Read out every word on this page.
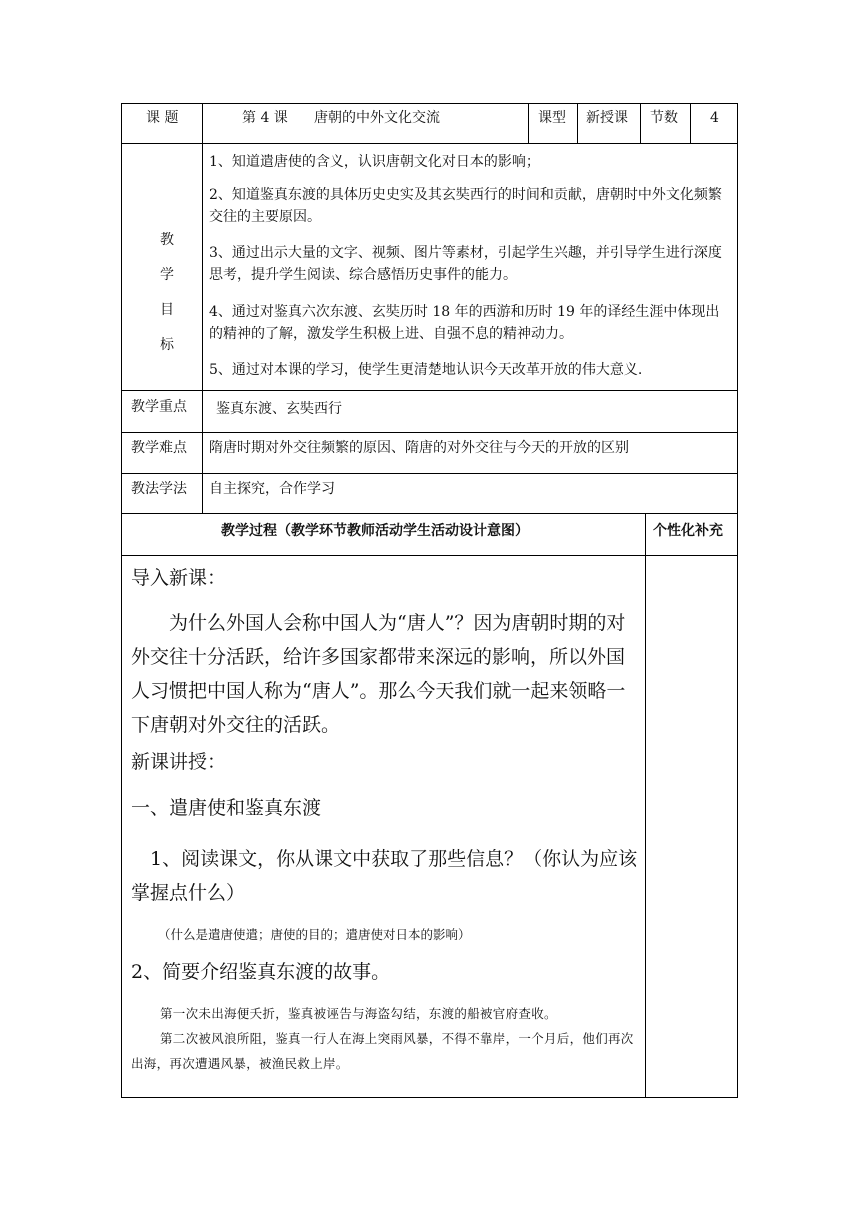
课 题	第 4 课 唐朝的中外文化交流	课型 新授课 节数 4
教
学
目
标
1、知道遣唐使的含义，认识唐朝文化对日本的影响；
2、知道鉴真东渡的具体历史史实及其玄奘西行的时间和贡献，唐朝时中外文化频繁交往的主要原因。
3、通过出示大量的文字、视频、图片等素材，引起学生兴趣，并引导学生进行深度思考，提升学生阅读、综合感悟历史事件的能力。
4、通过对鉴真六次东渡、玄奘历时 18 年的西游和历时 19 年的译经生涯中体现出的精神的了解，激发学生积极上进、自强不息的精神动力。
5、通过对本课的学习，使学生更清楚地认识今天改革开放的伟大意义.
教学重点 鉴真东渡、玄奘西行
教学难点 隋唐时期对外交往频繁的原因、隋唐的对外交往与今天的开放的区别
教法学法 自主探究，合作学习
教学过程（教学环节教师活动学生活动设计意图）	个性化补充
导入新课：
为什么外国人会称中国人为“唐人”？因为唐朝时期的对外交往十分活跃，给许多国家都带来深远的影响，所以外国人习惯把中国人称为“唐人”。那么今天我们就一起来领略一下唐朝对外交往的活跃。
新课讲授：
一、遣唐使和鉴真东渡
1、阅读课文，你从课文中获取了那些信息？（你认为应该掌握点什么）
（什么是遣唐使遣；唐使的目的；遣唐使对日本的影响）
2、简要介绍鉴真东渡的故事。
第一次未出海便夭折，鉴真被诬告与海盗勾结，东渡的船被官府查收。
第二次被风浪所阻，鉴真一行人在海上突雨风暴，不得不靠岸，一个月后，他们再次出海，再次遭遇风暴，被渔民救上岸。
